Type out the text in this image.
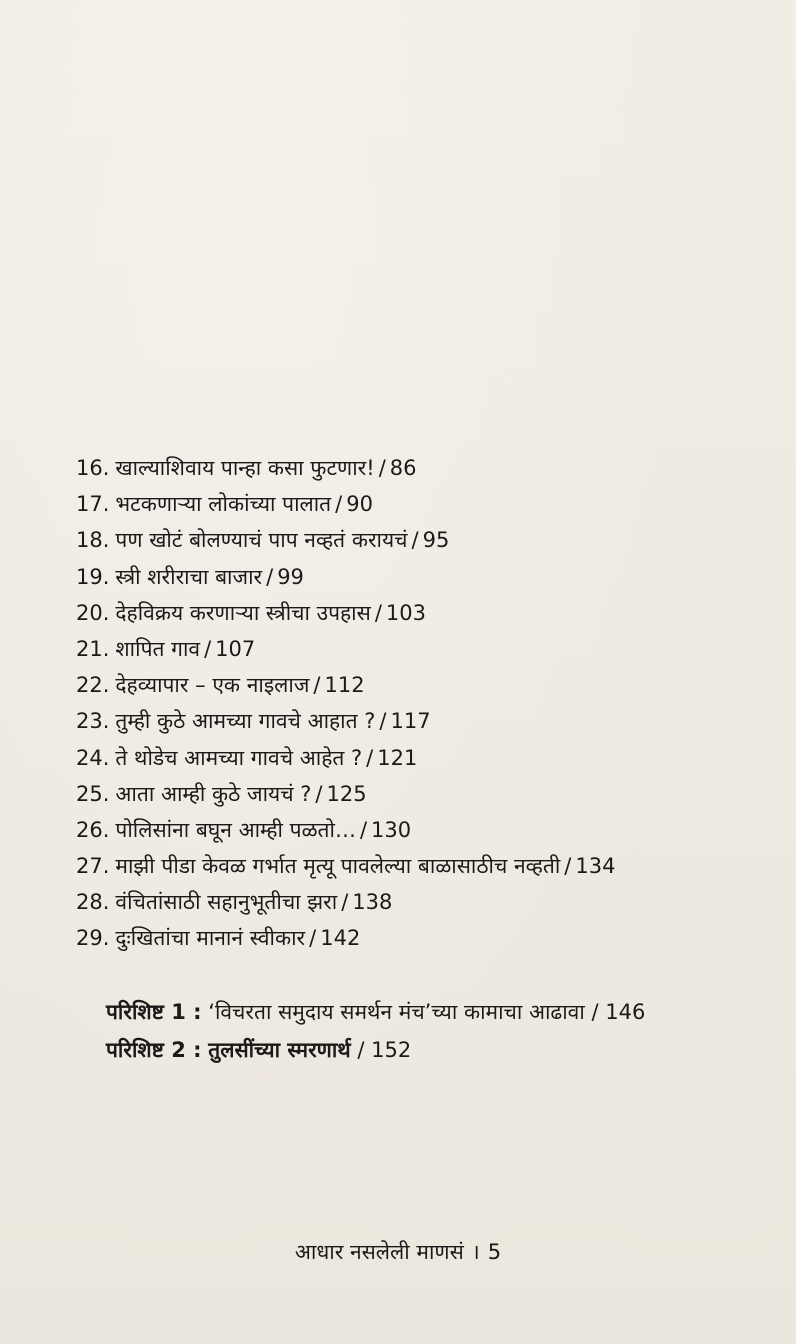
16. खाल्याशिवाय पान्हा कसा फुटणार! / 86
17. भटकणाऱ्या लोकांच्या पालात / 90
18. पण खोटं बोलण्याचं पाप नव्हतं करायचं / 95
19. स्त्री शरीराचा बाजार / 99
20. देहविक्रय करणाऱ्या स्त्रीचा उपहास / 103
21. शापित गाव / 107
22. देहव्यापार – एक नाइलाज / 112
23. तुम्ही कुठे आमच्या गावचे आहात ? / 117
24. ते थोडेच आमच्या गावचे आहेत ? / 121
25. आता आम्ही कुठे जायचं ? / 125
26. पोलिसांना बघून आम्ही पळतो… / 130
27. माझी पीडा केवळ गर्भात मृत्यू पावलेल्या बाळासाठीच नव्हती / 134
28. वंचितांसाठी सहानुभूतीचा झरा / 138
29. दुःखितांचा मानानं स्वीकार / 142
परिशिष्ट 1 : ‘विचरता समुदाय समर्थन मंच’च्या कामाचा आढावा / 146
परिशिष्ट 2 : तुलसींच्या स्मरणार्थ / 152
आधार नसलेली माणसं । 5
